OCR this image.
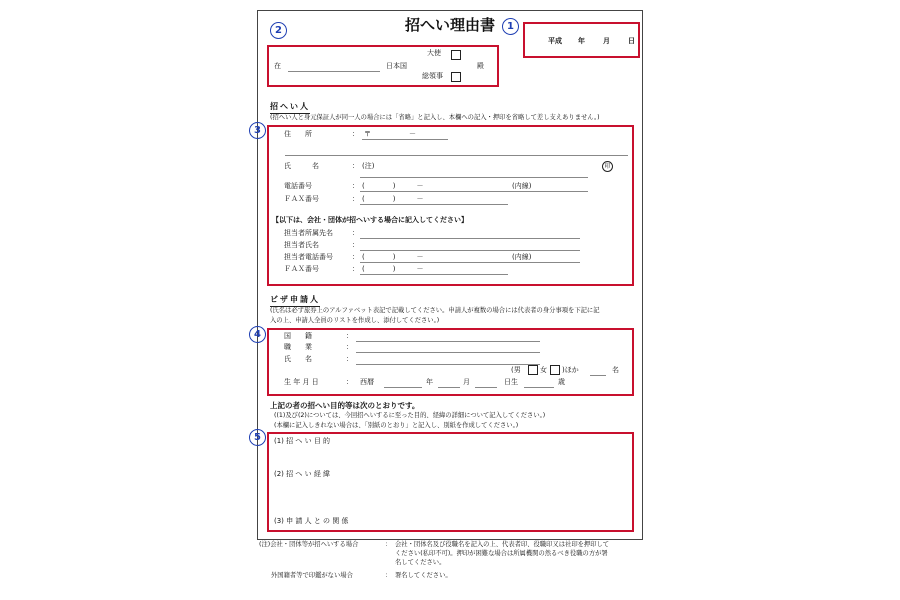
招へい理由書	1
平成 年	月	日
2
在	日本国
大使
総領事
殿
招へい人
(招へい人と身元保証人が同一人の場合には「省略」と記入し、本欄への記入・押印を省略して差し支えありません。)
3	住　　所	： 〒	－
氏　　　名	： (注)	印
電話番号	： (　　　　)　　　－	(内線)
ＦＡＸ番号	： (　　　　)　　　－
【以下は、会社・団体が招へいする場合に記入してください】
担当者所属先名	：
担当者氏名	：
担当者電話番号	： (　　　　)　　　－	(内線)
ＦＡＸ番号	： (　　　　)　　　－
ビザ申請人
(氏名は必ず旅券上のアルファベット表記で記載してください。申請人が複数の場合には代表者の身分事項を下記に記
入の上、申請人全員のリストを作成し、添付してください。)
4	国　　籍	：
職　　業	：
氏　　名	：
(男	女 )ほか	名
生 年 月 日	： 西暦	年	月	日生	歳
上記の者の招へい目的等は次のとおりです。
((1)及び(2)については、今回招へいするに至った目的、経緯の詳細について記入してください。)
(本欄に記入しきれない場合は、「別紙のとおり」と記入し、別紙を作成してください。)
5	(1) 招 へ い 目 的
(2) 招 へ い 経 緯
(3) 申 請 人 と の 関 係
(注)会社・団体等が招へいする場合	： 会社・団体名及び役職名を記入の上、代表者印、役職印又は社印を押印して
ください(私印不可)。押印が困難な場合は所属機関の然るべき役職の方が署
名してください。
外国籍者等で印鑑がない場合	： 署名してください。
